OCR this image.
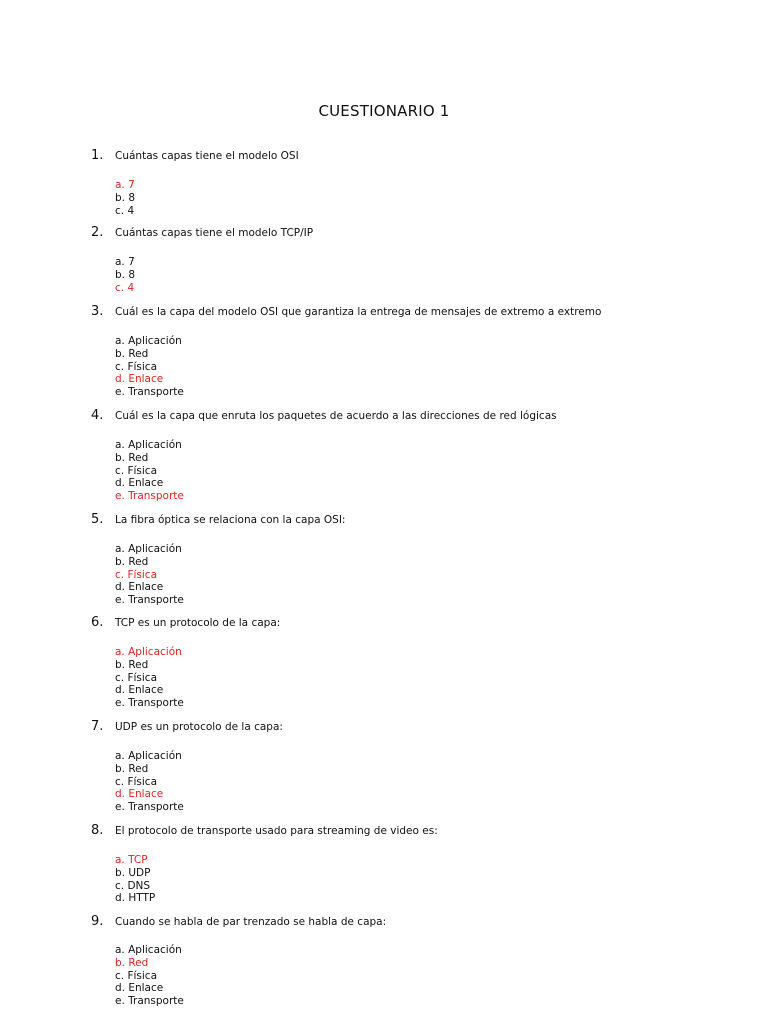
CUESTIONARIO 1
1. Cuántas capas tiene el modelo OSI
a. 7
b. 8
c. 4
2. Cuántas capas tiene el modelo TCP/IP
a. 7
b. 8
c. 4
3. Cuál es la capa del modelo OSI que garantiza la entrega de mensajes de extremo a extremo
a. Aplicación
b. Red
c. Física
d. Enlace
e. Transporte
4. Cuál es la capa que enruta los paquetes de acuerdo a las direcciones de red lógicas
a. Aplicación
b. Red
c. Física
d. Enlace
e. Transporte
5. La fibra óptica se relaciona con la capa OSI:
a. Aplicación
b. Red
c. Física
d. Enlace
e. Transporte
6. TCP es un protocolo de la capa:
a. Aplicación
b. Red
c. Física
d. Enlace
e. Transporte
7. UDP es un protocolo de la capa:
a. Aplicación
b. Red
c. Física
d. Enlace
e. Transporte
8. El protocolo de transporte usado para streaming de video es:
a. TCP
b. UDP
c. DNS
d. HTTP
9. Cuando se habla de par trenzado se habla de capa:
a. Aplicación
b. Red
c. Física
d. Enlace
e. Transporte
